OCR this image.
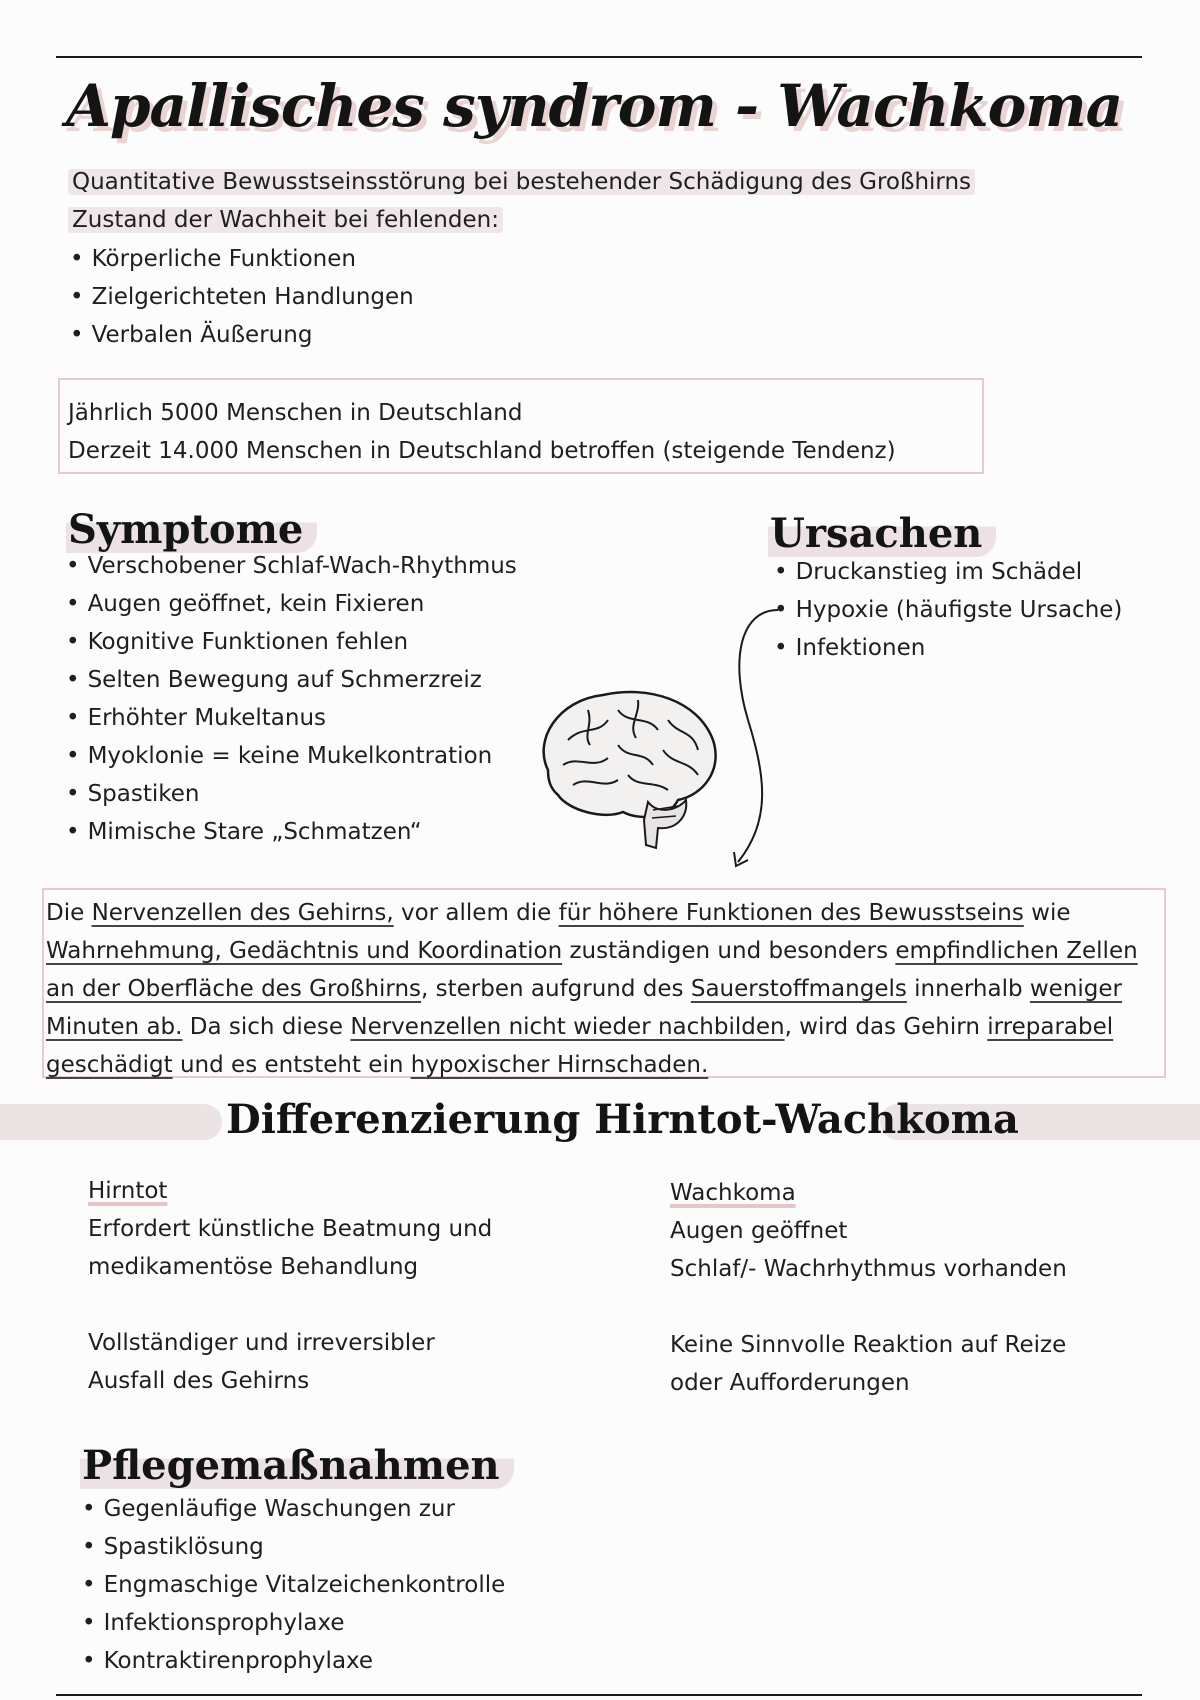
Apallisches syndrom - Wachkoma
Quantitative Bewusstseinsstörung bei bestehender Schädigung des Großhirns
Zustand der Wachheit bei fehlenden:
• Körperliche Funktionen
• Zielgerichteten Handlungen
• Verbalen Äußerung
Jährlich 5000 Menschen in Deutschland
Derzeit 14.000 Menschen in Deutschland betroffen (steigende Tendenz)
Symptome
• Verschobener Schlaf-Wach-Rhythmus
• Augen geöffnet, kein Fixieren
• Kognitive Funktionen fehlen
• Selten Bewegung auf Schmerzreiz
• Erhöhter Mukeltanus
• Myoklonie = keine Mukelkontration
• Spastiken
• Mimische Stare „Schmatzen“
Ursachen
• Druckanstieg im Schädel
• Hypoxie (häufigste Ursache)
• Infektionen
Die Nervenzellen des Gehirns, vor allem die für höhere Funktionen des Bewusstseins wie
Wahrnehmung, Gedächtnis und Koordination zuständigen und besonders empfindlichen Zellen
an der Oberfläche des Großhirns, sterben aufgrund des Sauerstoffmangels innerhalb weniger
Minuten ab. Da sich diese Nervenzellen nicht wieder nachbilden, wird das Gehirn irreparabel
geschädigt und es entsteht ein hypoxischer Hirnschaden.
Differenzierung Hirntot-Wachkoma
Hirntot
Erfordert künstliche Beatmung und
medikamentöse Behandlung
Vollständiger und irreversibler
Ausfall des Gehirns
Wachkoma
Augen geöffnet
Schlaf/- Wachrhythmus vorhanden
Keine Sinnvolle Reaktion auf Reize
oder Aufforderungen
Pflegemaßnahmen
• Gegenläufige Waschungen zur
• Spastiklösung
• Engmaschige Vitalzeichenkontrolle
• Infektionsprophylaxe
• Kontraktirenprophylaxe
